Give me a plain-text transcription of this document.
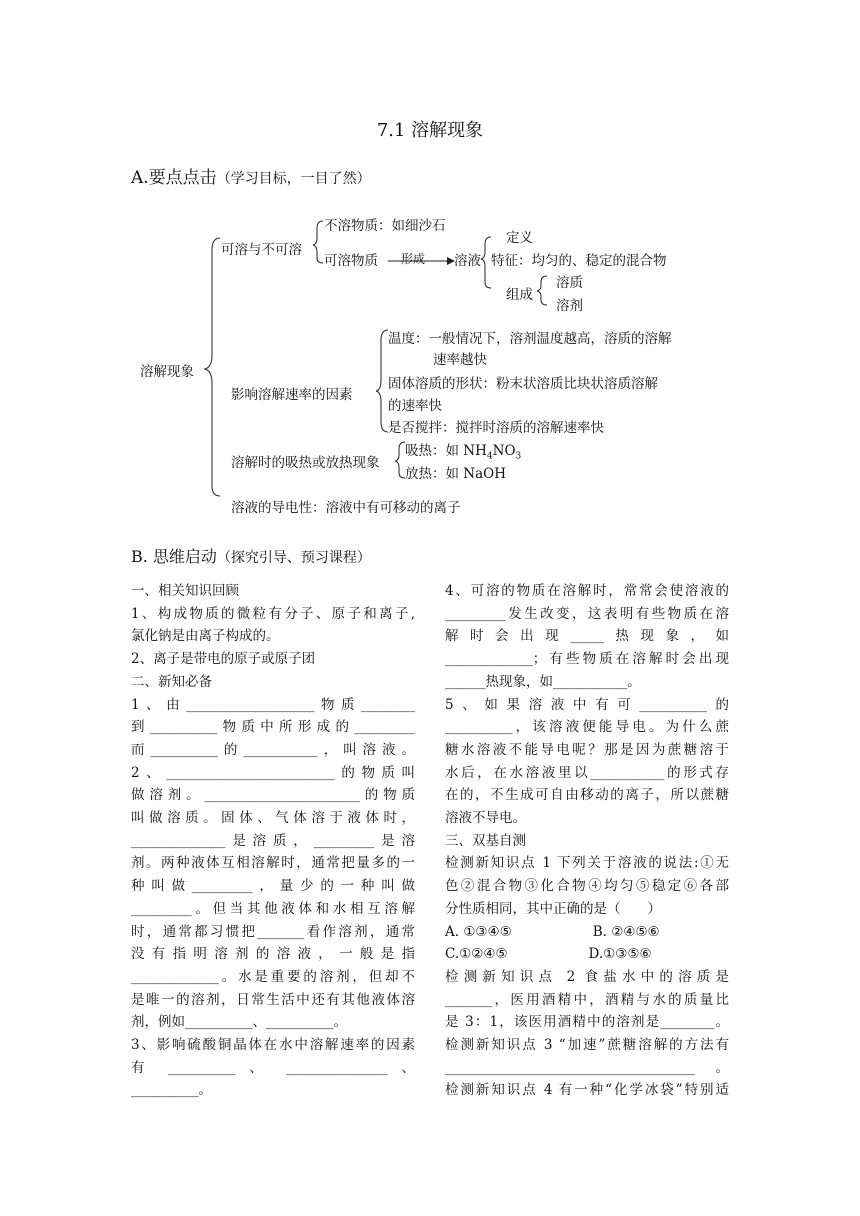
7.1 溶解现象
A.要点点击（学习目标，一目了然）
溶解现象
可溶与不可溶
不溶物质：如细沙石
可溶物质 形成 溶液
定义
特征：均匀的、稳定的混合物
组成
溶质
溶剂
影响溶解速率的因素
温度：一般情况下，溶剂温度越高，溶质的溶解
速率越快
固体溶质的形状：粉末状溶质比块状溶质溶解
的速率快
是否搅拌：搅拌时溶质的溶解速率快
溶解时的吸热或放热现象
吸热：如 $NH_4NO_3$
放热：如 NaOH
溶液的导电性：溶液中有可移动的离子
B. 思维启动（探究引导、预习课程）

一、相关知识回顾

1、构成物质的微粒有分子、原子和离子,

氯化钠是由离子构成的。

2、离子是带电的原子或原子团

二、新知必备

1、由___________________物质________

到__________物质中所形成的_________

而__________的___________，叫溶液。

2、_________________________的物质叫

做溶剂。_______________________的物质

叫做溶质。固体、气体溶于液体时，

______________是溶质，_________是溶

剂。两种液体互相溶解时，通常把量多的一

种叫做_________，量少的一种叫做

_________。但当其他液体和水相互溶解

时，通常都习惯把_______看作溶剂，通常

没有指明溶剂的溶液，一般是指

_____________。水是重要的溶剂，但却不

是唯一的溶剂，日常生活中还有其他液体溶

剂，例如__________、__________。

3、影响硫酸铜晶体在水中溶解速率的因素

有 __________ 、 _______________ 、

__________。

4、可溶的物质在溶解时，常常会使溶液的

_________发生改变，这表明有些物质在溶

解时会出现_____热现象，如

_____________；有些物质在溶解时会出现

______热现象，如___________。

5、如果溶液中有可__________的

__________，该溶液便能导电。为什么蔗

糖水溶液不能导电呢？那是因为蔗糖溶于

水后，在水溶液里以___________的形式存

在的，不生成可自由移动的离子，所以蔗糖

溶液不导电。

三、双基自测

检测新知识点 1 下列关于溶液的说法:①无

色②混合物③化合物④均匀⑤稳定⑥各部

分性质相同，其中正确的是（　　）

A. ①③④⑤　　　　　　B. ②④⑤⑥

C.①②④⑤　　　　　　D.①③⑤⑥

检测新知识点 2 食盐水中的溶质是

_______，医用酒精中，酒精与水的质量比

是 3：1，该医用酒精中的溶剂是________。

检测新知识点 3 “加速”蔗糖溶解的方法有

_____________________________________。

检测新知识点 4 有一种“化学冰袋”特别适
